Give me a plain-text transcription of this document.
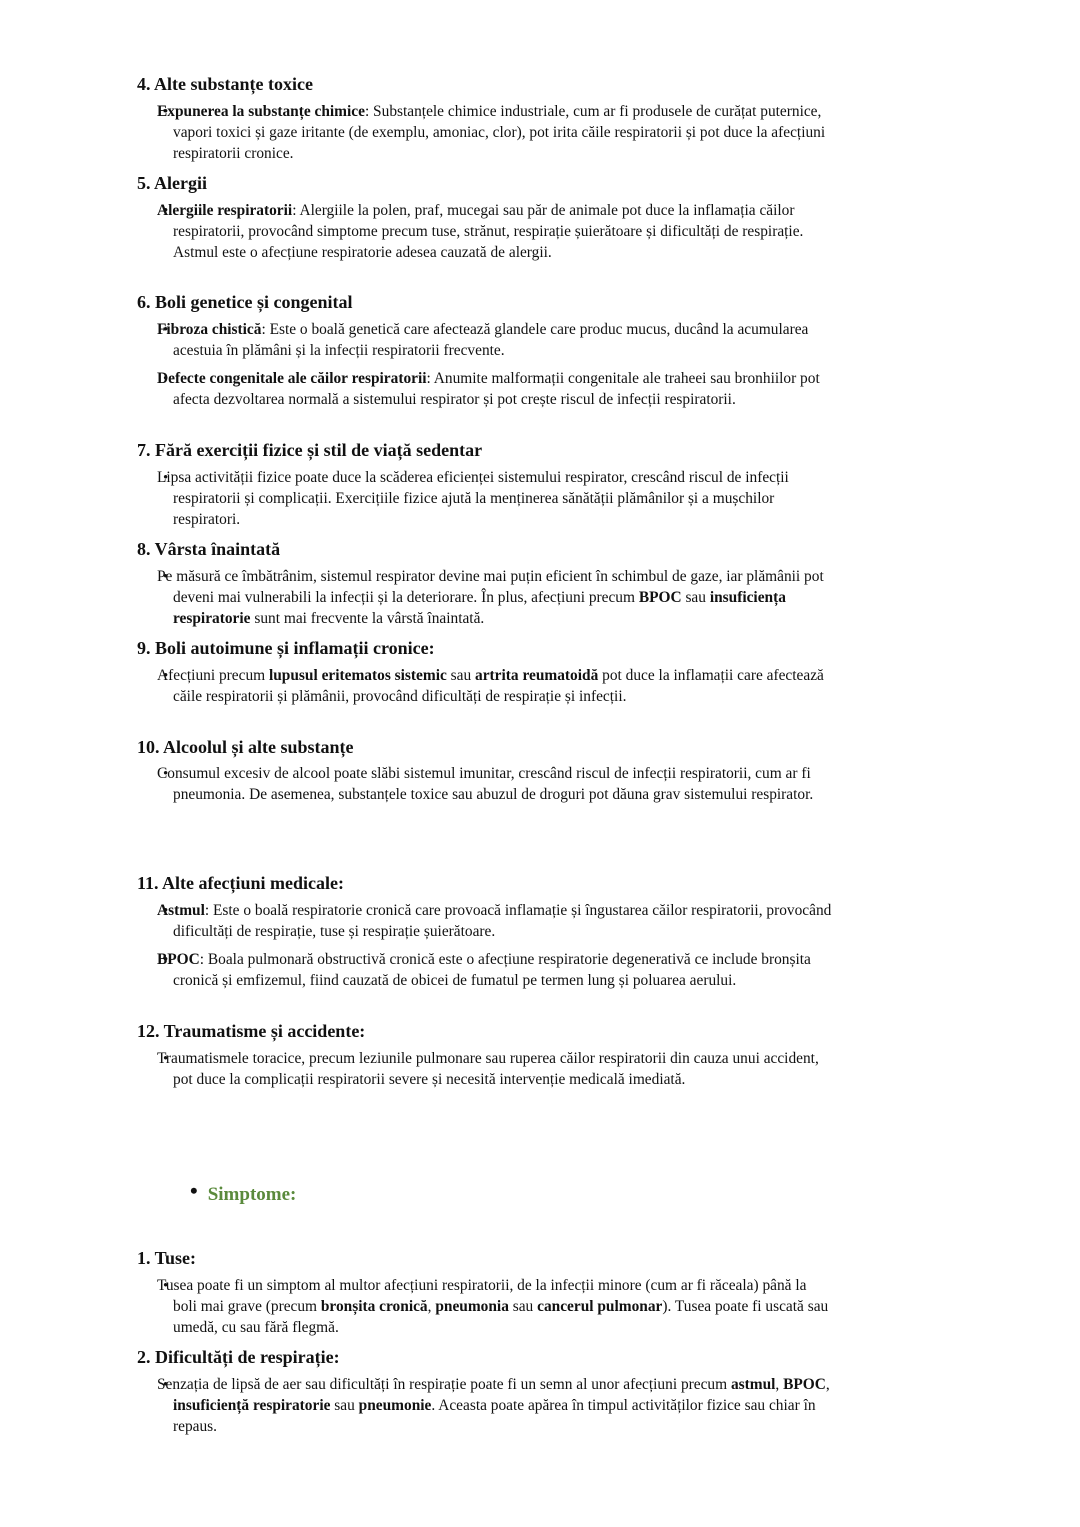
4. Alte substanțe toxice
Expunerea la substanțe chimice: Substanțele chimice industriale, cum ar fi produsele de curățat puternice, vapori toxici și gaze iritante (de exemplu, amoniac, clor), pot irita căile respiratorii și pot duce la afecțiuni respiratorii cronice.
5. Alergii
Alergiile respiratorii: Alergiile la polen, praf, mucegai sau păr de animale pot duce la inflamația căilor respiratorii, provocând simptome precum tuse, strănut, respirație șuierătoare și dificultăți de respirație. Astmul este o afecțiune respiratorie adesea cauzată de alergii.
6. Boli genetice și congenital
Fibroza chistică: Este o boală genetică care afectează glandele care produc mucus, ducând la acumularea acestuia în plămâni și la infecții respiratorii frecvente.
Defecte congenitale ale căilor respiratorii: Anumite malformații congenitale ale traheei sau bronhiilor pot afecta dezvoltarea normală a sistemului respirator și pot crește riscul de infecții respiratorii.
7. Fără exerciții fizice și stil de viață sedentar
Lipsa activității fizice poate duce la scăderea eficienței sistemului respirator, crescând riscul de infecții respiratorii și complicații. Exercițiile fizice ajută la menținerea sănătății plămânilor și a mușchilor respiratori.
8. Vârsta înaintată
Pe măsură ce îmbătrânim, sistemul respirator devine mai puțin eficient în schimbul de gaze, iar plămânii pot deveni mai vulnerabili la infecții și la deteriorare. În plus, afecțiuni precum BPOC sau insuficiența respiratorie sunt mai frecvente la vârstă înaintată.
9. Boli autoimune și inflamații cronice:
Afecțiuni precum lupusul eritematos sistemic sau artrita reumatoidă pot duce la inflamații care afectează căile respiratorii și plămânii, provocând dificultăți de respirație și infecții.
10. Alcoolul și alte substanțe
Consumul excesiv de alcool poate slăbi sistemul imunitar, crescând riscul de infecții respiratorii, cum ar fi pneumonia. De asemenea, substanțele toxice sau abuzul de droguri pot dăuna grav sistemului respirator.
11. Alte afecțiuni medicale:
Astmul: Este o boală respiratorie cronică care provoacă inflamație și îngustarea căilor respiratorii, provocând dificultăți de respirație, tuse și respirație șuierătoare.
BPOC: Boala pulmonară obstructivă cronică este o afecțiune respiratorie degenerativă ce include bronșita cronică și emfizemul, fiind cauzată de obicei de fumatul pe termen lung și poluarea aerului.
12. Traumatisme și accidente:
Traumatismele toracice, precum leziunile pulmonare sau ruperea căilor respiratorii din cauza unui accident, pot duce la complicații respiratorii severe și necesită intervenție medicală imediată.
• Simptome:
1. Tuse:
Tusea poate fi un simptom al multor afecțiuni respiratorii, de la infecții minore (cum ar fi răceala) până la boli mai grave (precum bronșita cronică, pneumonia sau cancerul pulmonar). Tusea poate fi uscată sau umedă, cu sau fără flegmă.
2. Dificultăți de respirație:
Senzația de lipsă de aer sau dificultăți în respirație poate fi un semn al unor afecțiuni precum astmul, BPOC, insuficiență respiratorie sau pneumonie. Aceasta poate apărea în timpul activităților fizice sau chiar în repaus.
